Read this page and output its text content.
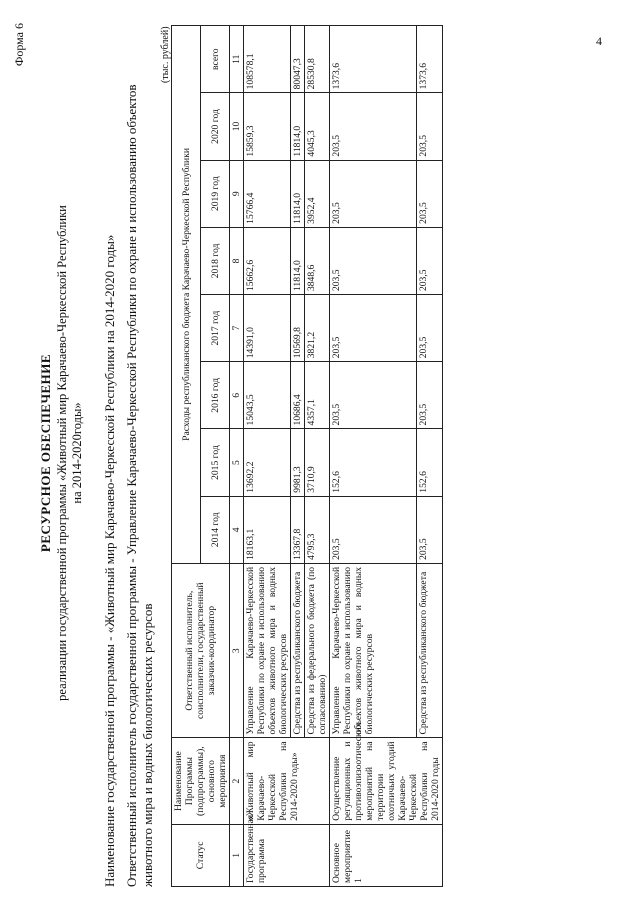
4
Форма 6
РЕСУРСНОЕ ОБЕСПЕЧЕНИЕ реализации государственной программы «Животный мир Карачаево-Черкесской Республики на 2014-2020годы» Наименование государственной программы - «Животный мир Карачаево-Черкесской Республики на 2014-2020 годы» Ответственный исполнитель государственной программы - Управление Карачаево-Черкесской Республики по охране и использованию объектов животного мира и водных биологических ресурсов
(тыс. рублей)
Статус	Наименование Программы (подпрограммы), основного мероприятия	Ответственный исполнитель, соисполнители, государственный заказчик-координатор	Расходы республиканского бюджета Карачаево-Черкесской Республики							
			2014 год	2015 год	2016 год	2017 год	2018 год	2019 год	2020 год	всего
1	2	3	4	5	6	7	8	9	10	11
Государственная программа	«Животный мир Карачаево-Черкесской Республики на 2014-2020 годы»	Управление Карачаево-Черкесской Республики по охране и использованию объектов животного мира и водных биологических ресурсов	18163,1	13692,2	15043,5	14391,0	15662,6	15766,4	15859,3	108578,1
		Средства из республиканского бюджета	13367,8	9981,3	10686,4	10569,8	11814,0	11814,0	11814,0	80047,3
		Средства из федерального бюджета (по согласованию)	4795,3	3710,9	4357,1	3821,2	3848,6	3952,4	4045,3	28530,8
Основное мероприятие 1	Осуществление регуляционных и противоэпизоотических мероприятий на территории охотничьих угодий Карачаево-Черкесской Республики на 2014-2020 годы	Управление Карачаево-Черкесской Республики по охране и использованию объектов животного мира и водных биологических ресурсов	203,5	152,6	203,5	203,5	203,5	203,5	203,5	1373,6
		Средства из республиканского бюджета	203,5	152,6	203,5	203,5	203,5	203,5	203,5	1373,6
